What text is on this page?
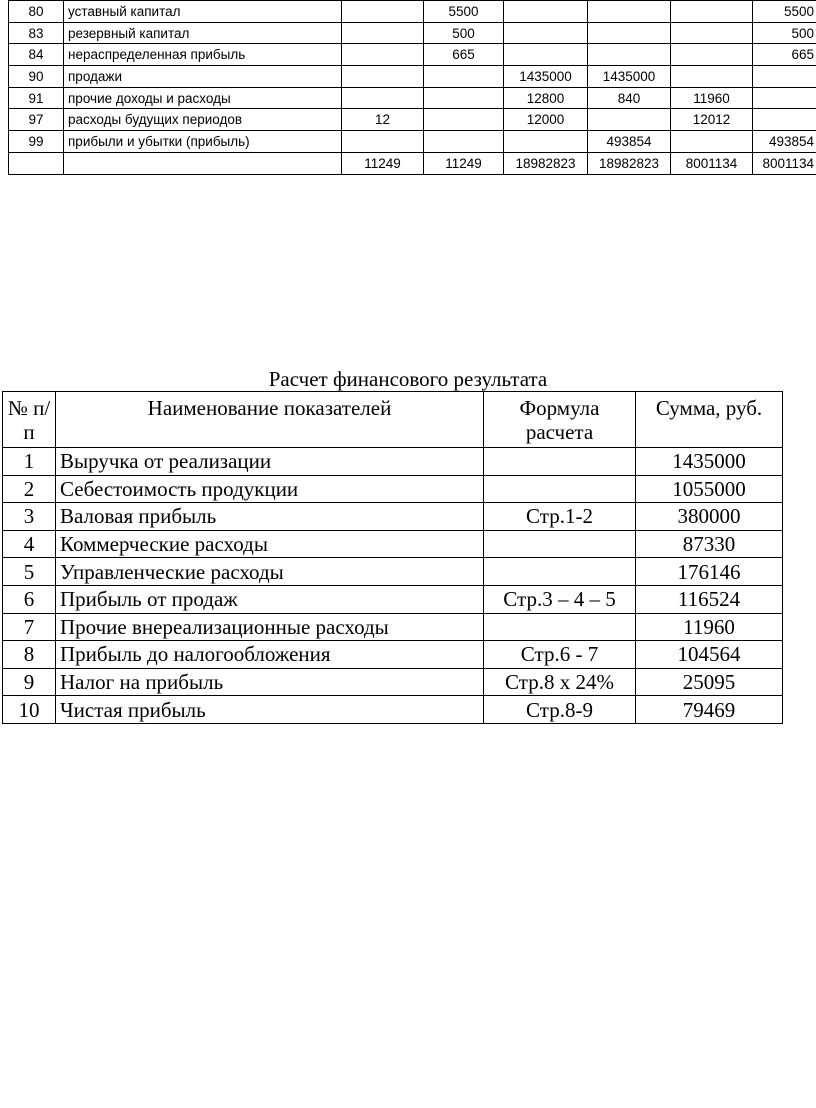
80	уставный капитал		5500				5500
83	резервный капитал		500				500
84	нераспределенная прибыль		665				665
90	продажи			1435000	1435000		
91	прочие доходы и расходы			12800	840	11960	
97	расходы будущих периодов	12		12000		12012	
99	прибыли и убытки (прибыль)				493854		493854
		11249	11249	18982823	18982823	8001134	8001134
Расчет финансового результата
№ п/п	Наименование показателей	Формула расчета	Сумма, руб.
1	Выручка от реализации		1435000
2	Себестоимость продукции		1055000
3	Валовая прибыль	Стр.1-2	380000
4	Коммерческие расходы		87330
5	Управленческие расходы		176146
6	Прибыль от продаж	Стр.3 – 4 – 5	116524
7	Прочие внереализационные расходы		11960
8	Прибыль до налогообложения	Стр.6 - 7	104564
9	Налог на прибыль	Стр.8 х 24%	25095
10	Чистая прибыль	Стр.8-9	79469
